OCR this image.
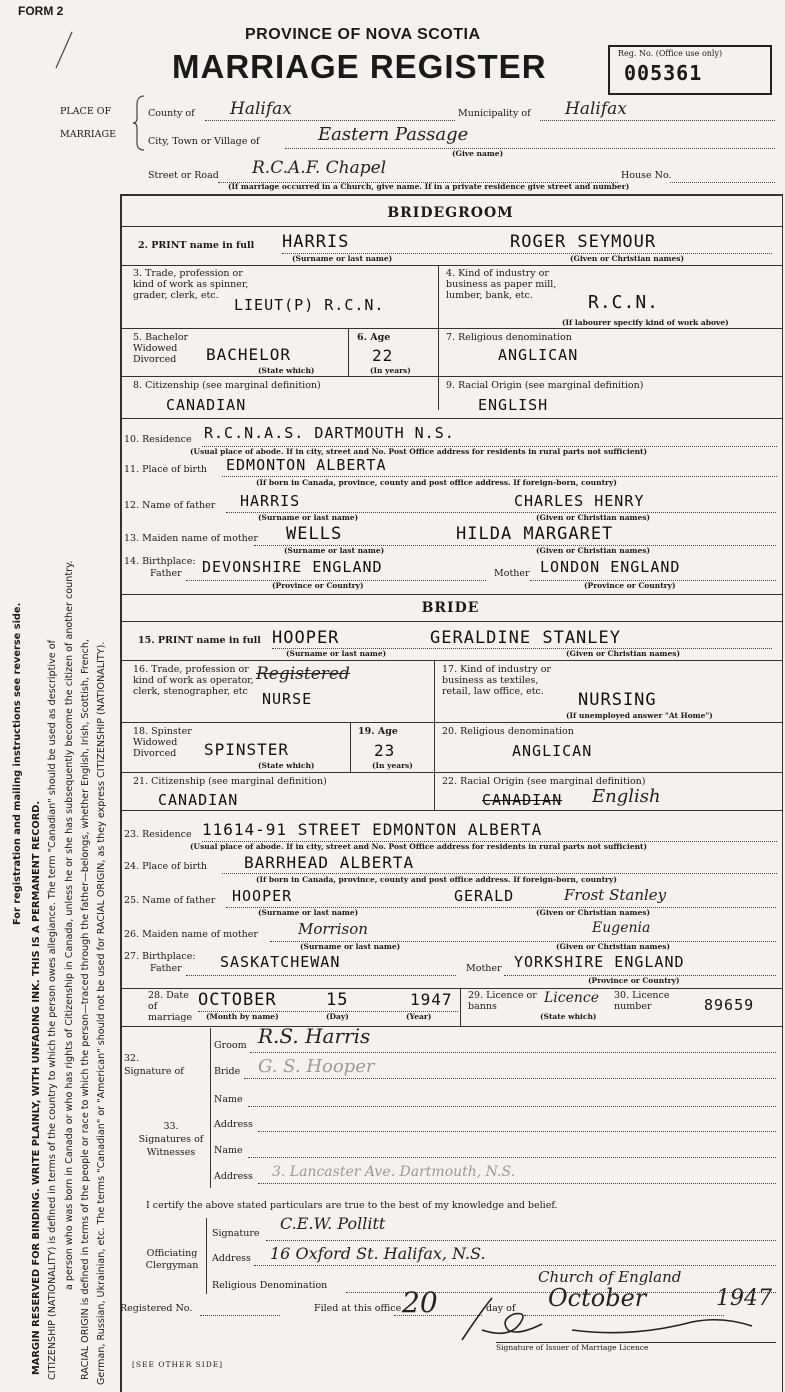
MARGIN RESERVED FOR BINDING. WRITE PLAINLY, WITH UNFADING INK. THIS IS A PERMANENT RECORD.
For registration and mailing instructions see reverse side.	CITIZENSHIP (NATIONALITY) is defined in terms of the country to which the person owes allegiance. The term "Canadian" should be used as descriptive of a person who was born in Canada or who has rights of Citizenship in Canada, unless he or she has subsequently become the citizen of another country. RACIAL ORIGIN is defined in terms of the people or race to which the person—traced through the father—belongs, whether English, Irish, Scottish, French, German, Russian, Ukrainian, etc. The terms "Canadian" or "American" should not be used for RACIAL ORIGIN, as they express CITIZENSHIP (NATIONALITY).
FORM 2
PROVINCE OF NOVA SCOTIA
MARRIAGE REGISTER	Reg. No. (Office use only)
005361
PLACE OF
MARRIAGE
County of Halifax	Municipality of Halifax
City, Town or Village of	Eastern Passage
(Give name)
Street or Road R.C.A.F. Chapel	House No.
(If marriage occurred in a Church, give name. If in a private residence give street and number)
BRIDEGROOM
2. PRINT name in full HARRIS	ROGER SEYMOUR
(Surname or last name)	(Given or Christian names)
3. Trade, profession or kind of work as spinner, grader, clerk, etc.
LIEUT(P) R.C.N.
4. Kind of industry or business as paper mill, lumber, bank, etc.	R.C.N.
(If labourer specify kind of work above)
5. Bachelor Widowed Divorced	BACHELOR
(State which)
6. Age
22
(In years)
7. Religious denomination
ANGLICAN
8. Citizenship (see marginal definition)
CANADIAN
9. Racial Origin (see marginal definition)
ENGLISH
10. Residence R.C.N.A.S. DARTMOUTH N.S.
(Usual place of abode. If in city, street and No. Post Office address for residents in rural parts not sufficient)
11. Place of birth EDMONTON ALBERTA
(If born in Canada, province, county and post office address. If foreign-born, country)
12. Name of father HARRIS	CHARLES HENRY
(Surname or last name)	(Given or Christian names)
13. Maiden name of mother WELLS	HILDA MARGARET
(Surname or last name)	(Given or Christian names)
14. Birthplace:
Father DEVONSHIRE ENGLAND	Mother LONDON ENGLAND
(Province or Country)	(Province or Country)
BRIDE
15. PRINT name in full HOOPER	GERALDINE STANLEY
(Surname or last name)	(Given or Christian names)
16. Trade, profession or kind of work as operator, clerk, stenographer, etc
Registered
NURSE
17. Kind of industry or business as textiles, retail, law office, etc.	NURSING
(If unemployed answer "At Home")
18. Spinster Widowed Divorced	SPINSTER
(State which)
19. Age
23
(In years)
20. Religious denomination
ANGLICAN
21. Citizenship (see marginal definition)
CANADIAN
22. Racial Origin (see marginal definition)
CANADIAN English
23. Residence 11614-91 STREET EDMONTON ALBERTA
(Usual place of abode. If in city, street and No. Post Office address for residents in rural parts not sufficient)
24. Place of birth BARRHEAD ALBERTA
(If born in Canada, province, county and post office address. If foreign-born, country)
25. Name of father HOOPER	GERALD	Frost Stanley
(Surname or last name)	(Given or Christian names)
26. Maiden name of mother	Morrison	Eugenia
(Surname or last name)	(Given or Christian names)
27. Birthplace:
Father	SASKATCHEWAN	Mother YORKSHIRE ENGLAND
(Province or Country)
28. Date of marriage
OCTOBER	15	1947
(Month by name)	(Day)	(Year)
29. Licence or banns
Licence
(State which)
30. Licence number	89659
32. Signature of
Groom R.S. Harris
Bride G. S. Hooper
33. Signatures of Witnesses
Name
Address
Name
Address 3. Lancaster Ave. Dartmouth, N.S.
I certify the above stated particulars are true to the best of my knowledge and belief.
Officiating Clergyman
Signature
C.E.W. Pollitt
Address 16 Oxford St. Halifax, N.S.
Religious Denomination	Church of England
Registered No.	Filed at this office 20	day of October	1947
Signature of Issuer of Marriage Licence
[SEE OTHER SIDE]
